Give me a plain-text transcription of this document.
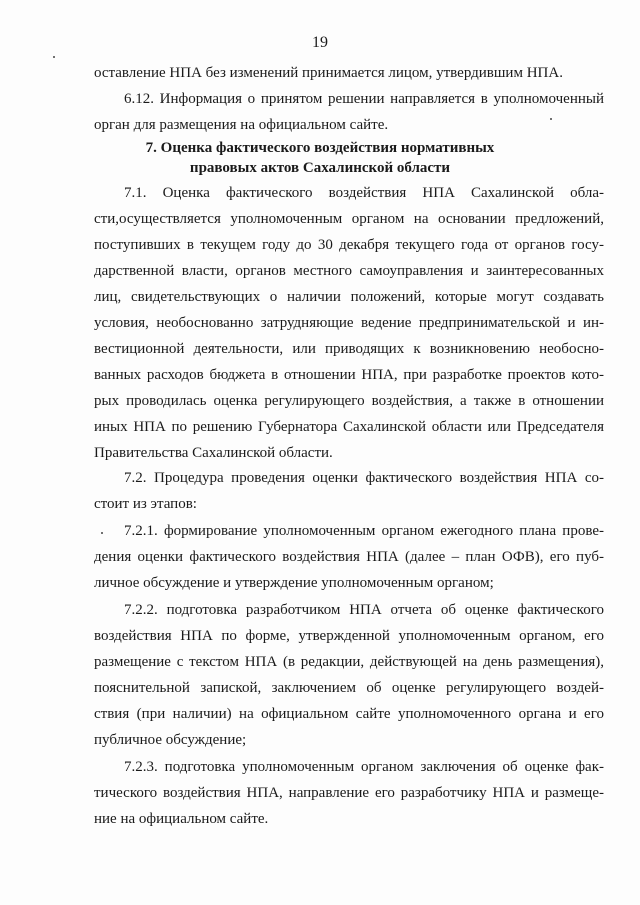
19
оставление НПА без изменений принимается лицом, утвердившим НПА.
6.12. Информация о принятом решении направляется в уполномоченный
орган для размещения на официальном сайте.
7. Оценка фактического воздействия нормативных
правовых актов Сахалинской области
7.1. Оценка фактического воздействия НПА Сахалинской обла-
сти,осуществляется уполномоченным органом на основании предложений,
поступивших в текущем году до 30 декабря текущего года от органов госу-
дарственной власти, органов местного самоуправления и заинтересованных
лиц, свидетельствующих о наличии положений, которые могут создавать
условия, необоснованно затрудняющие ведение предпринимательской и ин-
вестиционной деятельности, или приводящих к возникновению необосно-
ванных расходов бюджета в отношении НПА, при разработке проектов кото-
рых проводилась оценка регулирующего воздействия, а также в отношении
иных НПА по решению Губернатора Сахалинской области или Председателя
Правительства Сахалинской области.
7.2. Процедура проведения оценки фактического воздействия НПА со-
стоит из этапов:
7.2.1. формирование уполномоченным органом ежегодного плана прове-
дения оценки фактического воздействия НПА (далее – план ОФВ), его пуб-
личное обсуждение и утверждение уполномоченным органом;
7.2.2. подготовка разработчиком НПА отчета об оценке фактического
воздействия НПА по форме, утвержденной уполномоченным органом, его
размещение с текстом НПА (в редакции, действующей на день размещения),
пояснительной запиской, заключением об оценке регулирующего воздей-
ствия (при наличии) на официальном сайте уполномоченного органа и его
публичное обсуждение;
7.2.3. подготовка уполномоченным органом заключения об оценке фак-
тического воздействия НПА, направление его разработчику НПА и размеще-
ние на официальном сайте.
